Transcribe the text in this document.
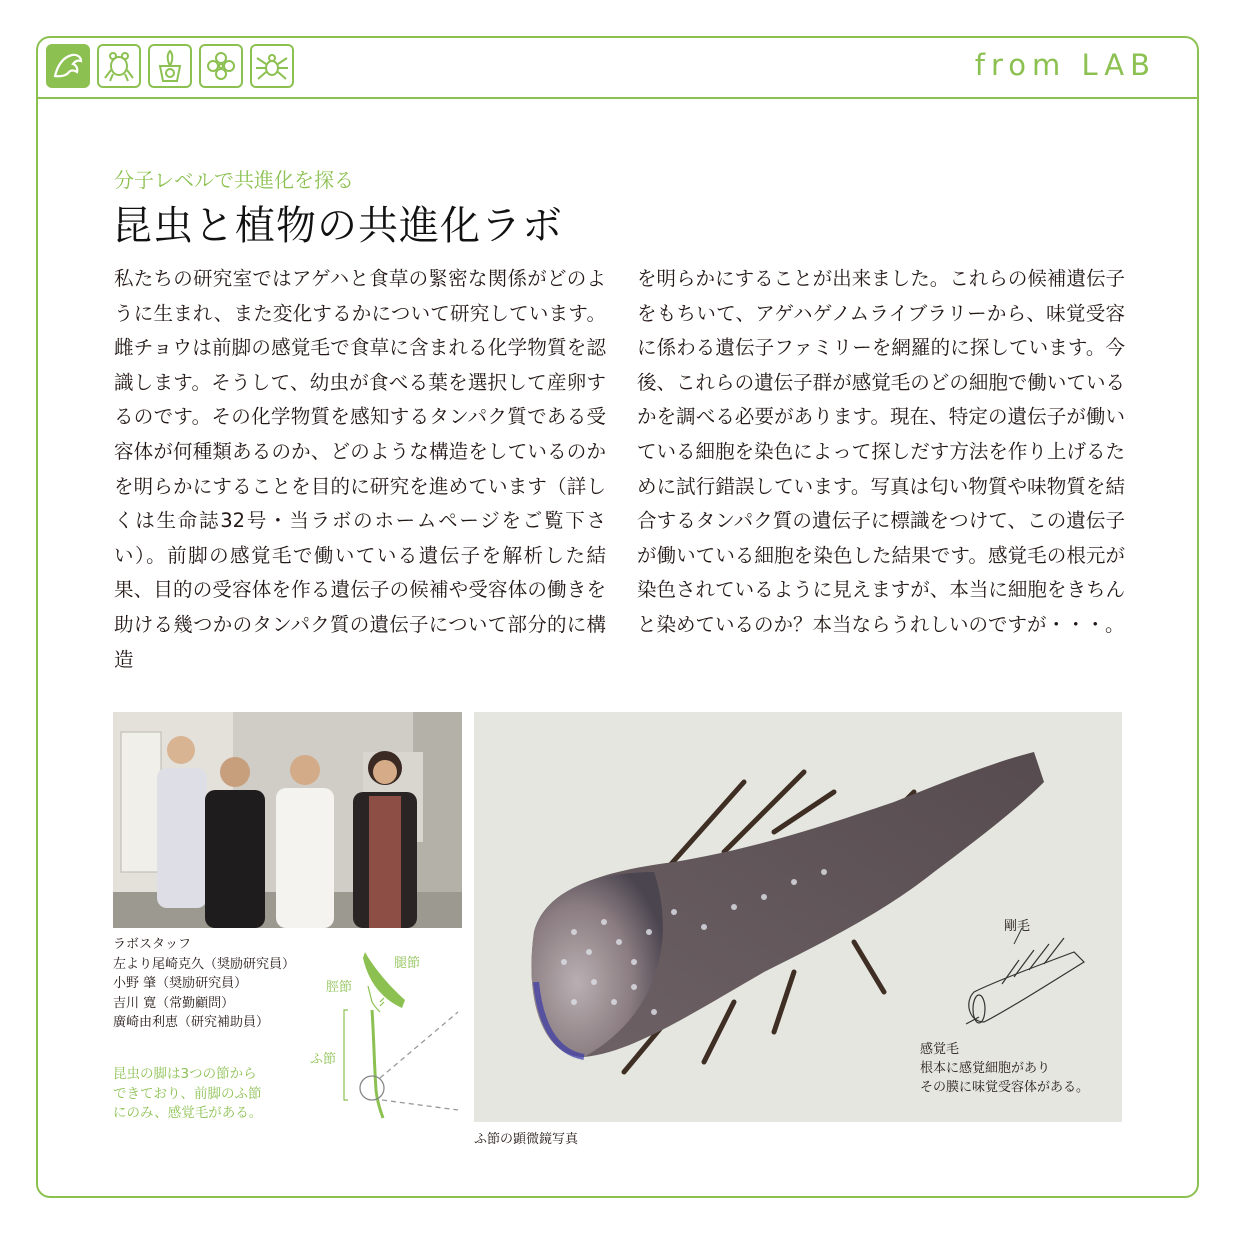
from LAB
分子レベルで共進化を探る
昆虫と植物の共進化ラボ
私たちの研究室ではアゲハと食草の緊密な関係がどのように生まれ、また変化するかについて研究しています。雌チョウは前脚の感覚毛で食草に含まれる化学物質を認識します。そうして、幼虫が食べる葉を選択して産卵するのです。その化学物質を感知するタンパク質である受容体が何種類あるのか、どのような構造をしているのかを明らかにすることを目的に研究を進めています（詳しくは生命誌32号・当ラボのホームページをご覧下さい）。前脚の感覚毛で働いている遺伝子を解析した結果、目的の受容体を作る遺伝子の候補や受容体の働きを助ける幾つかのタンパク質の遺伝子について部分的に構造
を明らかにすることが出来ました。これらの候補遺伝子をもちいて、アゲハゲノムライブラリーから、味覚受容に係わる遺伝子ファミリーを網羅的に探しています。今後、これらの遺伝子群が感覚毛のどの細胞で働いているかを調べる必要があります。現在、特定の遺伝子が働いている細胞を染色によって探しだす方法を作り上げるために試行錯誤しています。写真は匂い物質や味物質を結合するタンパク質の遺伝子に標識をつけて、この遺伝子が働いている細胞を染色した結果です。感覚毛の根元が染色されているように見えますが、本当に細胞をきちんと染めているのか？本当ならうれしいのですが・・・。
ラボスタッフ
左より尾崎克久（奨励研究員）
小野 肇（奨励研究員）
吉川 寛（常勤顧問）
廣崎由利恵（研究補助員）
腿節
脛節
ふ節
昆虫の脚は3つの節から
できており、前脚のふ節
にのみ、感覚毛がある。
剛毛
感覚毛
根本に感覚細胞があり
その膜に味覚受容体がある。
ふ節の顕微鏡写真
